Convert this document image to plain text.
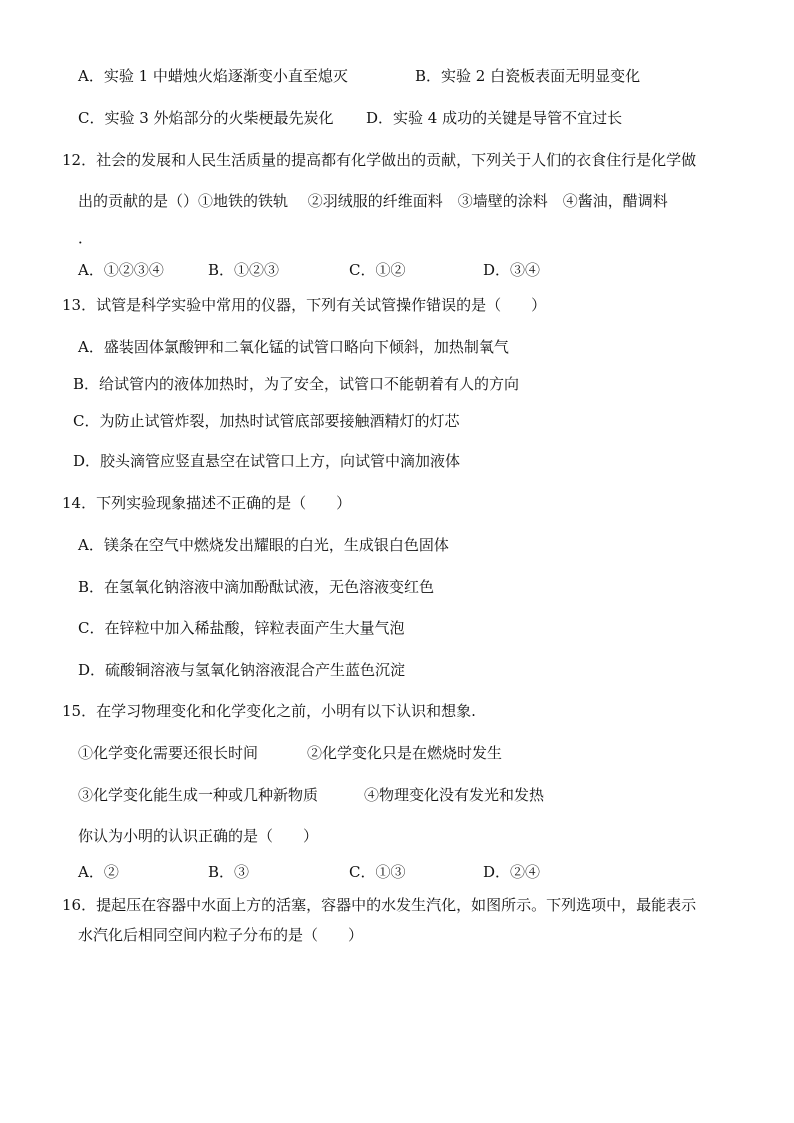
A．实验 1 中蜡烛火焰逐渐变小直至熄灭	B．实验 2 白瓷板表面无明显变化
C．实验 3 外焰部分的火柴梗最先炭化 D．实验 4 成功的关键是导管不宜过长
12．社会的发展和人民生活质量的提高都有化学做出的贡献，下列关于人们的衣食住行是化学做
出的贡献的是（）①地铁的铁轨　 ②羽绒服的纤维面料　③墙壁的涂料　④酱油，醋调料
．
A．①②③④	B．①②③	C．①②	D．③④
13．试管是科学实验中常用的仪器，下列有关试管操作错误的是（　　）
A．盛装固体氯酸钾和二氧化锰的试管口略向下倾斜，加热制氧气
B．给试管内的液体加热时，为了安全，试管口不能朝着有人的方向
C．为防止试管炸裂，加热时试管底部要接触酒精灯的灯芯
D．胶头滴管应竖直悬空在试管口上方，向试管中滴加液体
14．下列实验现象描述不正确的是（　　）
A．镁条在空气中燃烧发出耀眼的白光，生成银白色固体
B．在氢氧化钠溶液中滴加酚酞试液，无色溶液变红色
C．在锌粒中加入稀盐酸，锌粒表面产生大量气泡
D．硫酸铜溶液与氢氧化钠溶液混合产生蓝色沉淀
15．在学习物理变化和化学变化之前，小明有以下认识和想象.
①化学变化需要还很长时间	②化学变化只是在燃烧时发生
③化学变化能生成一种或几种新物质	④物理变化没有发光和发热
你认为小明的认识正确的是（　　）
A．②	B．③	C．①③	D．②④
16．提起压在容器中水面上方的活塞，容器中的水发生汽化，如图所示。下列选项中，最能表示
水汽化后相同空间内粒子分布的是（　　）
